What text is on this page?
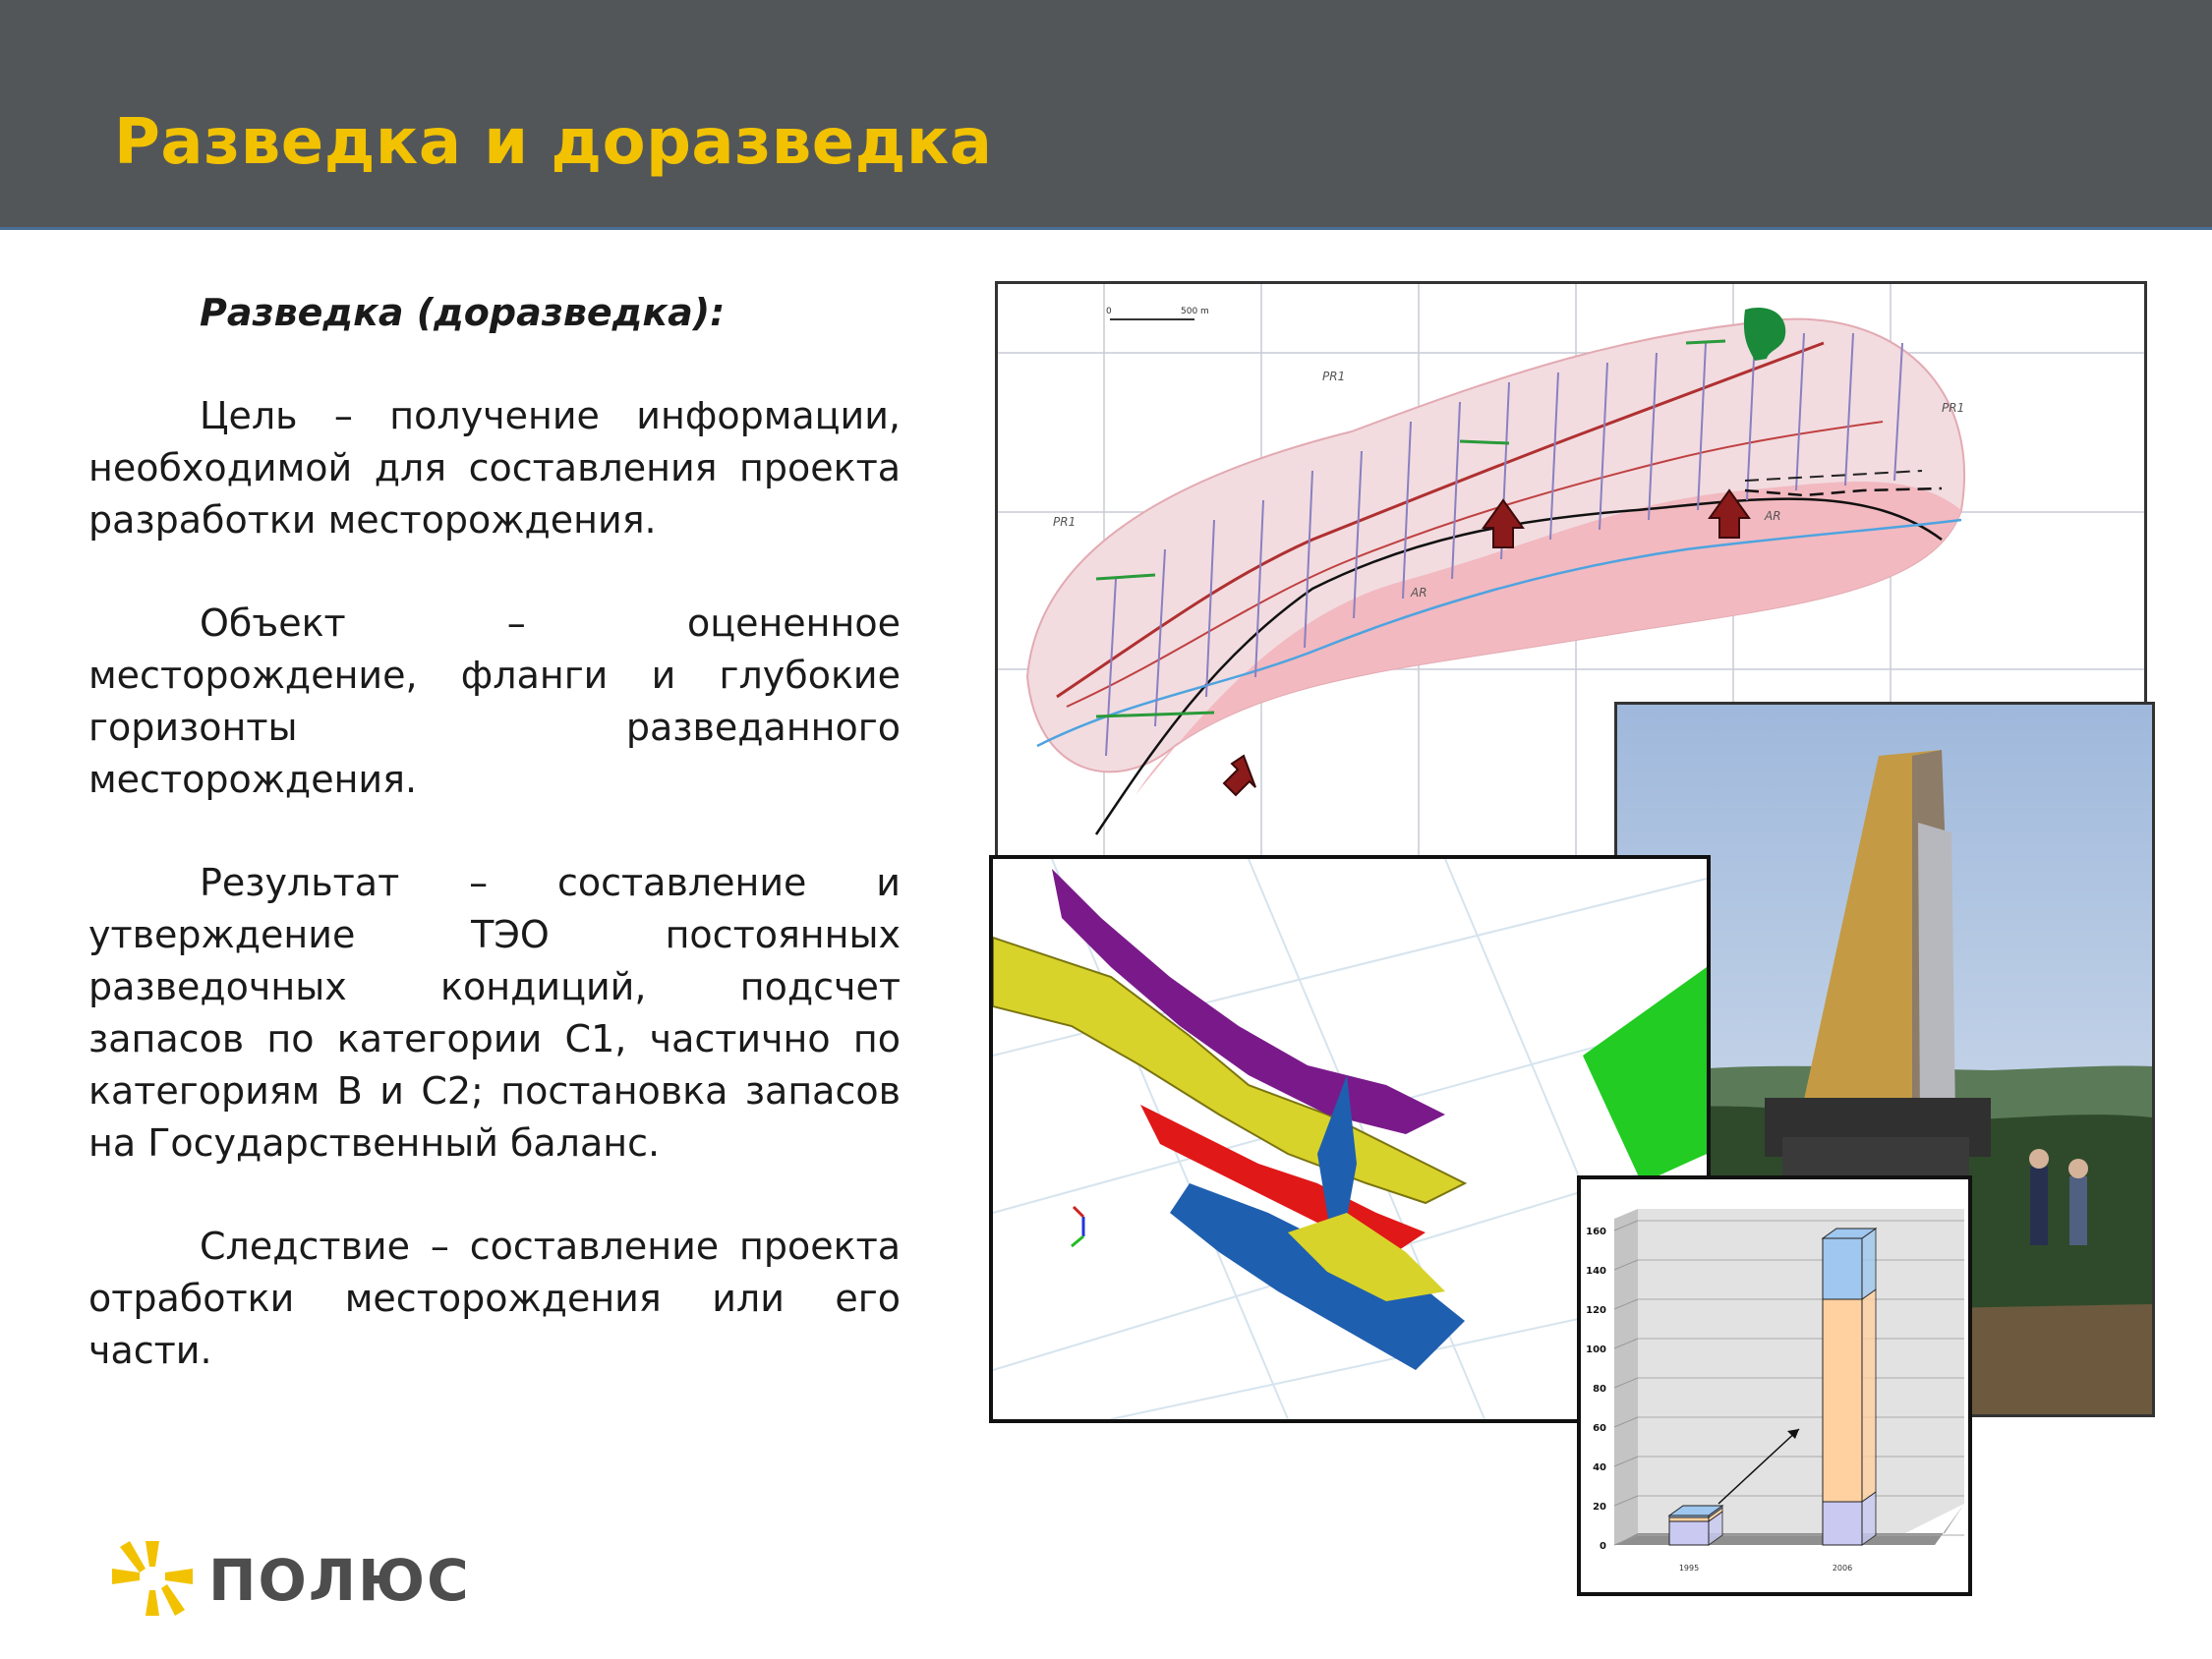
Разведка и доразведка

Разведка (доразведка):

Цель – получение информации, необходимой для составления проекта разработки месторождения.

Объект – оцененное месторождение, фланги и глубокие горизонты разведанного месторождения.

Результат – составление и утверждение ТЭО постоянных разведочных кондиций, подсчет запасов по категории С1, частично по категориям В и С2; постановка запасов на Государственный баланс.

Следствие – составление проекта отработки месторождения или его части.

0	500 m
PR1
PR1
PR1
AR
AR
0
20
40
60
80
100
120
140
160
1995	2006
ПОЛЮС
